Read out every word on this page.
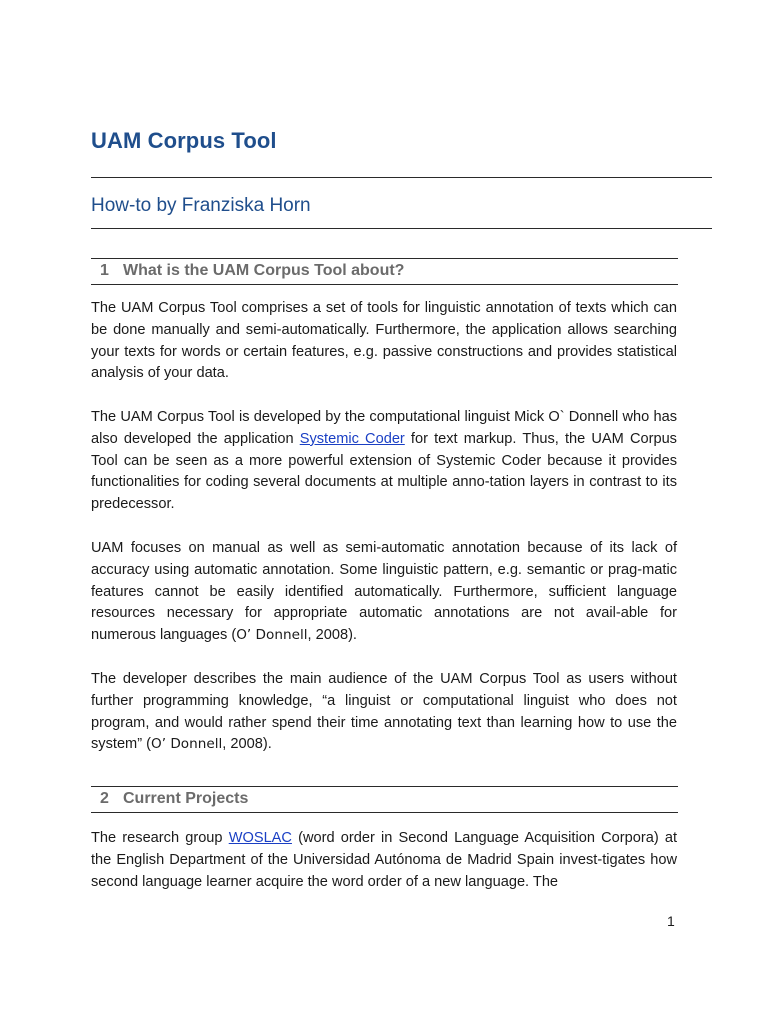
UAM Corpus Tool
How-to by Franziska Horn
1 What is the UAM Corpus Tool about?

The UAM Corpus Tool comprises a set of tools for linguistic annotation of texts which can be done manually and semi-automatically. Furthermore, the application allows searching your texts for words or certain features, e.g. passive constructions and provides statistical analysis of your data.

The UAM Corpus Tool is developed by the computational linguist Mick O` Donnell who has also developed the application Systemic Coder for text markup. Thus, the UAM Corpus Tool can be seen as a more powerful extension of Systemic Coder because it provides functionalities for coding several documents at multiple anno-tation layers in contrast to its predecessor.

UAM focuses on manual as well as semi-automatic annotation because of its lack of accuracy using automatic annotation. Some linguistic pattern, e.g. semantic or prag-matic features cannot be easily identified automatically. Furthermore, sufficient language resources necessary for appropriate automatic annotations are not avail-able for numerous languages (O’ Donnell, 2008).

The developer describes the main audience of the UAM Corpus Tool as users without further programming knowledge, “a linguist or computational linguist who does not program, and would rather spend their time annotating text than learning how to use the system” (O’ Donnell, 2008).

2 Current Projects

The research group WOSLAC (word order in Second Language Acquisition Corpora) at the English Department of the Universidad Autónoma de Madrid Spain invest-tigates how second language learner acquire the word order of a new language. The

1
